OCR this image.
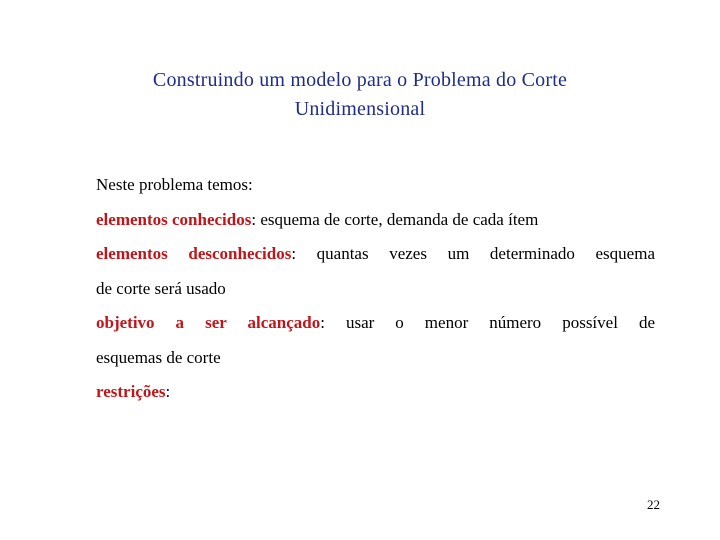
Construindo um modelo para o Problema do Corte
Unidimensional

Neste problema temos:

elementos conhecidos: esquema de corte, demanda de cada ítem

elementos desconhecidos: quantas vezes um determinado esquema

de corte será usado

objetivo a ser alcançado: usar o menor número possível de

esquemas de corte

restrições:

22
